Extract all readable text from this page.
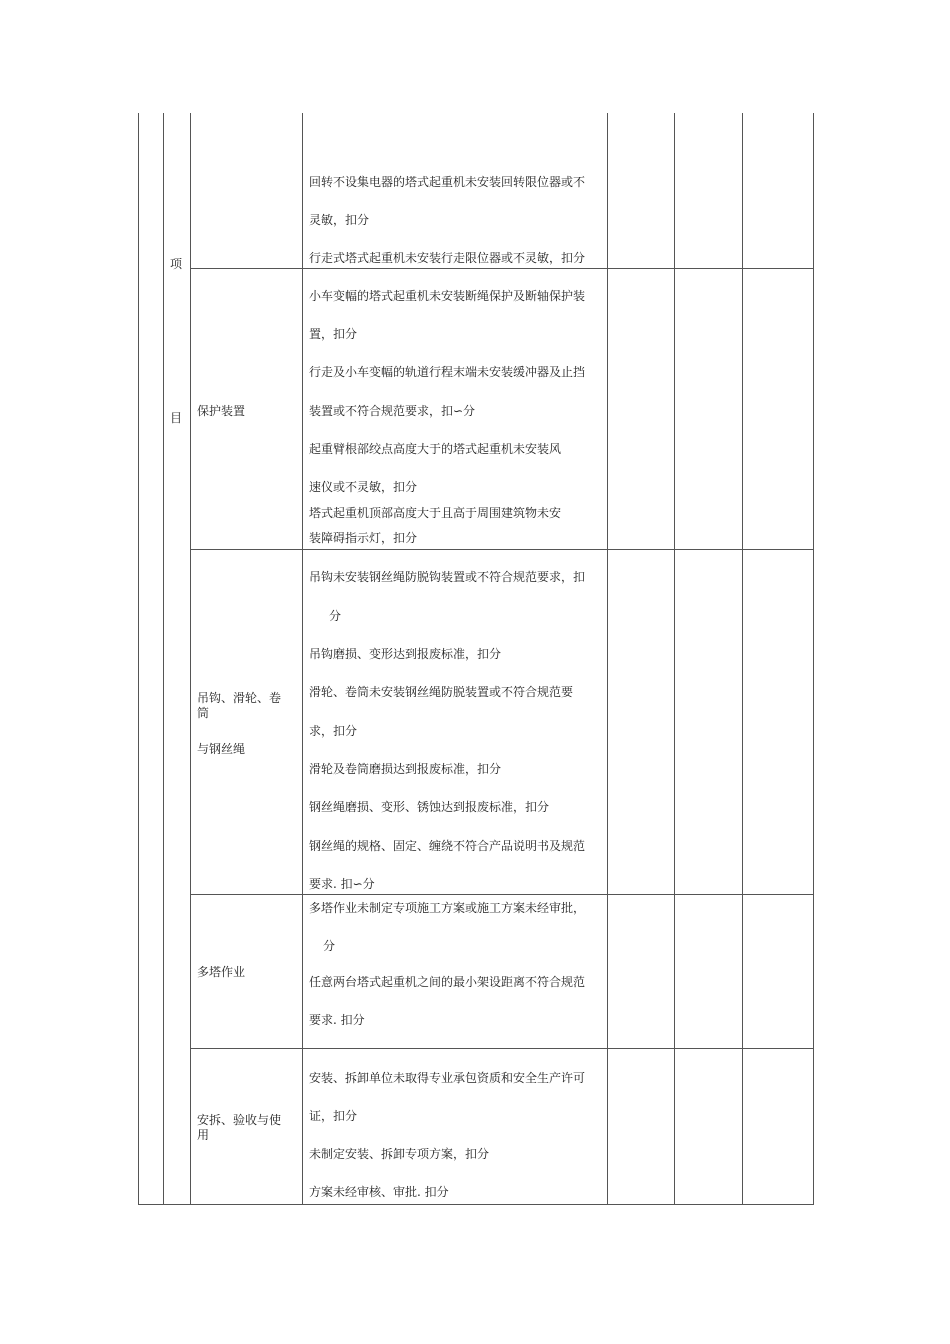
项
目
回转不设集电器的塔式起重机未安装回转限位器或不
灵敏，扣分
行走式塔式起重机未安装行走限位器或不灵敏，扣分
保护装置
小车变幅的塔式起重机未安装断绳保护及断轴保护装
置，扣分
行走及小车变幅的轨道行程末端未安装缓冲器及止挡
装置或不符合规范要求，扣∽分
起重臂根部绞点高度大于的塔式起重机未安装风
速仪或不灵敏，扣分
塔式起重机顶部高度大于且高于周围建筑物未安
装障碍指示灯，扣分
吊钩、滑轮、卷
筒
与钢丝绳
吊钩未安装钢丝绳防脱钩装置或不符合规范要求，扣
分
吊钩磨损、变形达到报废标准，扣分
滑轮、卷筒未安装钢丝绳防脱装置或不符合规范要
求，扣分
滑轮及卷筒磨损达到报废标准，扣分
钢丝绳磨损、变形、锈蚀达到报废标准，扣分
钢丝绳的规格、固定、缠绕不符合产品说明书及规范
要求. 扣∽分
多塔作业
多塔作业未制定专项施工方案或施工方案未经审批，
分
任意两台塔式起重机之间的最小架设距离不符合规范
要求. 扣分
安拆、验收与使
用
安装、拆卸单位未取得专业承包资质和安全生产许可
证，扣分
未制定安装、拆卸专项方案，扣分
方案未经审核、审批. 扣分
